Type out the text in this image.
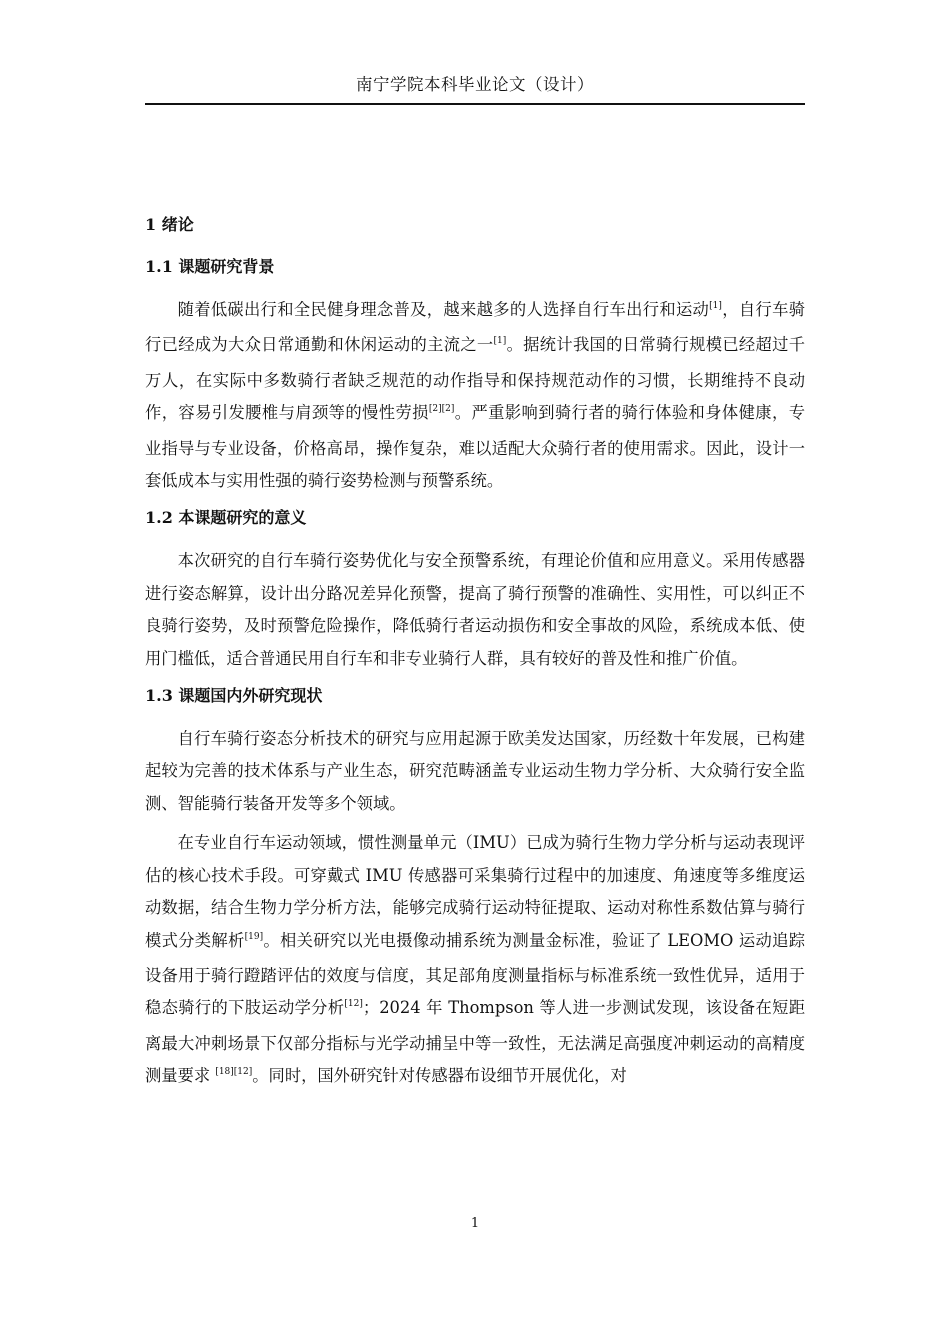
南宁学院本科毕业论文（设计）
1 绪论
1.1 课题研究背景

随着低碳出行和全民健身理念普及，越来越多的人选择自行车出行和运动[1]，自行车骑行已经成为大众日常通勤和休闲运动的主流之一[1]。据统计我国的日常骑行规模已经超过千万人，在实际中多数骑行者缺乏规范的动作指导和保持规范动作的习惯，长期维持不良动作，容易引发腰椎与肩颈等的慢性劳损[2][2]。严重影响到骑行者的骑行体验和身体健康，专业指导与专业设备，价格高昂，操作复杂，难以适配大众骑行者的使用需求。因此，设计一套低成本与实用性强的骑行姿势检测与预警系统。

1.2 本课题研究的意义

本次研究的自行车骑行姿势优化与安全预警系统，有理论价值和应用意义。采用传感器进行姿态解算，设计出分路况差异化预警，提高了骑行预警的准确性、实用性，可以纠正不良骑行姿势，及时预警危险操作，降低骑行者运动损伤和安全事故的风险，系统成本低、使用门槛低，适合普通民用自行车和非专业骑行人群，具有较好的普及性和推广价值。

1.3 课题国内外研究现状

自行车骑行姿态分析技术的研究与应用起源于欧美发达国家，历经数十年发展，已构建起较为完善的技术体系与产业生态，研究范畴涵盖专业运动生物力学分析、大众骑行安全监测、智能骑行装备开发等多个领域。

在专业自行车运动领域，惯性测量单元（IMU）已成为骑行生物力学分析与运动表现评估的核心技术手段。可穿戴式 IMU 传感器可采集骑行过程中的加速度、角速度等多维度运动数据，结合生物力学分析方法，能够完成骑行运动特征提取、运动对称性系数估算与骑行模式分类解析[19]。相关研究以光电摄像动捕系统为测量金标准，验证了 LEOMO 运动追踪设备用于骑行蹬踏评估的效度与信度，其足部角度测量指标与标准系统一致性优异，适用于稳态骑行的下肢运动学分析[12]；2024 年 Thompson 等人进一步测试发现，该设备在短距离最大冲刺场景下仅部分指标与光学动捕呈中等一致性，无法满足高强度冲刺运动的高精度测量要求 [18][12]。同时，国外研究针对传感器布设细节开展优化，对

1
